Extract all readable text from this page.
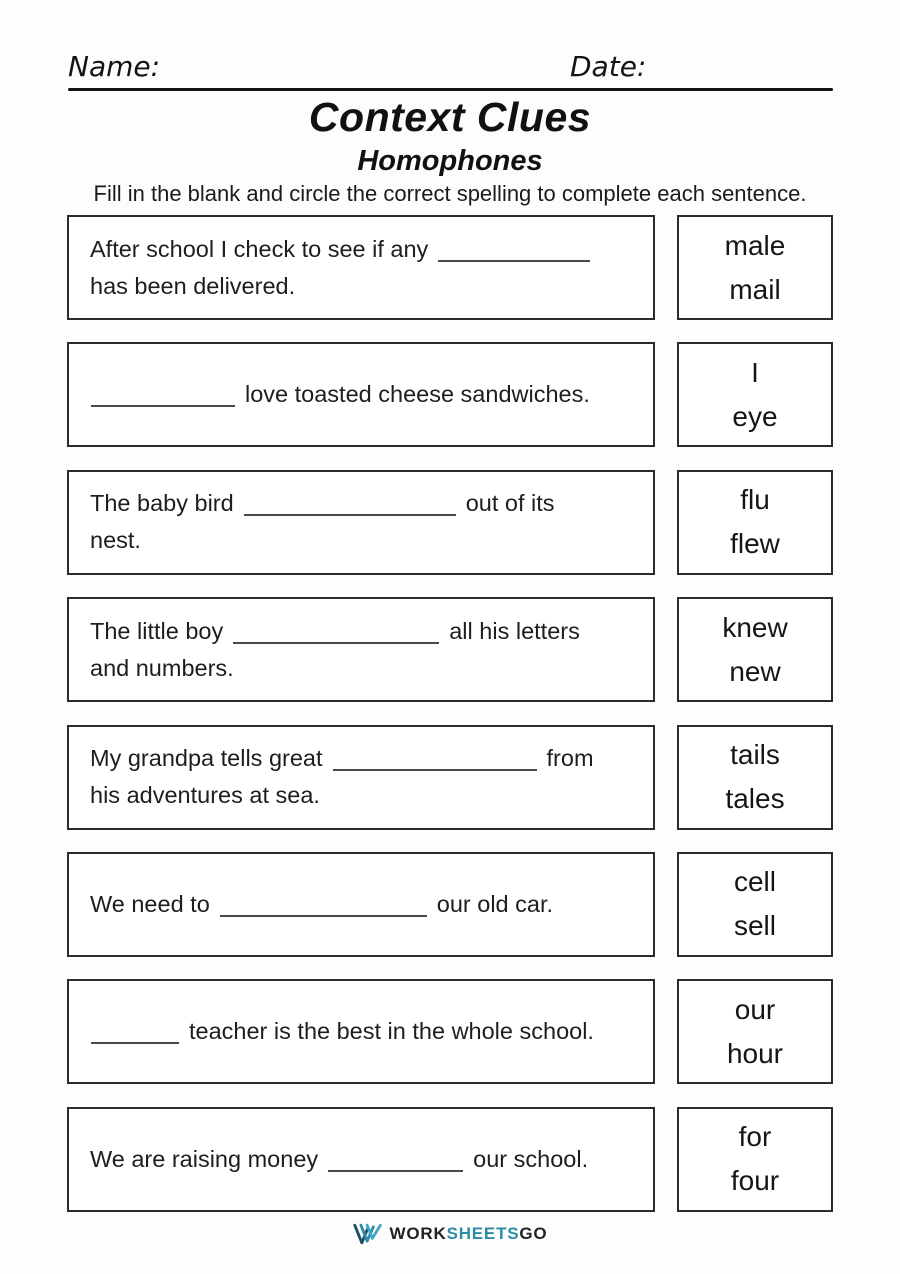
Name:	Date:
Context Clues
Homophones
Fill in the blank and circle the correct spelling to complete each sentence.
After school I check to see if any
has been delivered.
male
mail
love toasted cheese sandwiches.
I
eye
The baby bird	out of its
nest.
flu
flew
The little boy	all his letters
and numbers.
knew
new
My grandpa tells great	from
his adventures at sea.
tails
tales
We need to	our old car.
cell
sell
teacher is the best in the whole school.
our
hour
We are raising money	our school.
for
four
WORKSHEETSGO
